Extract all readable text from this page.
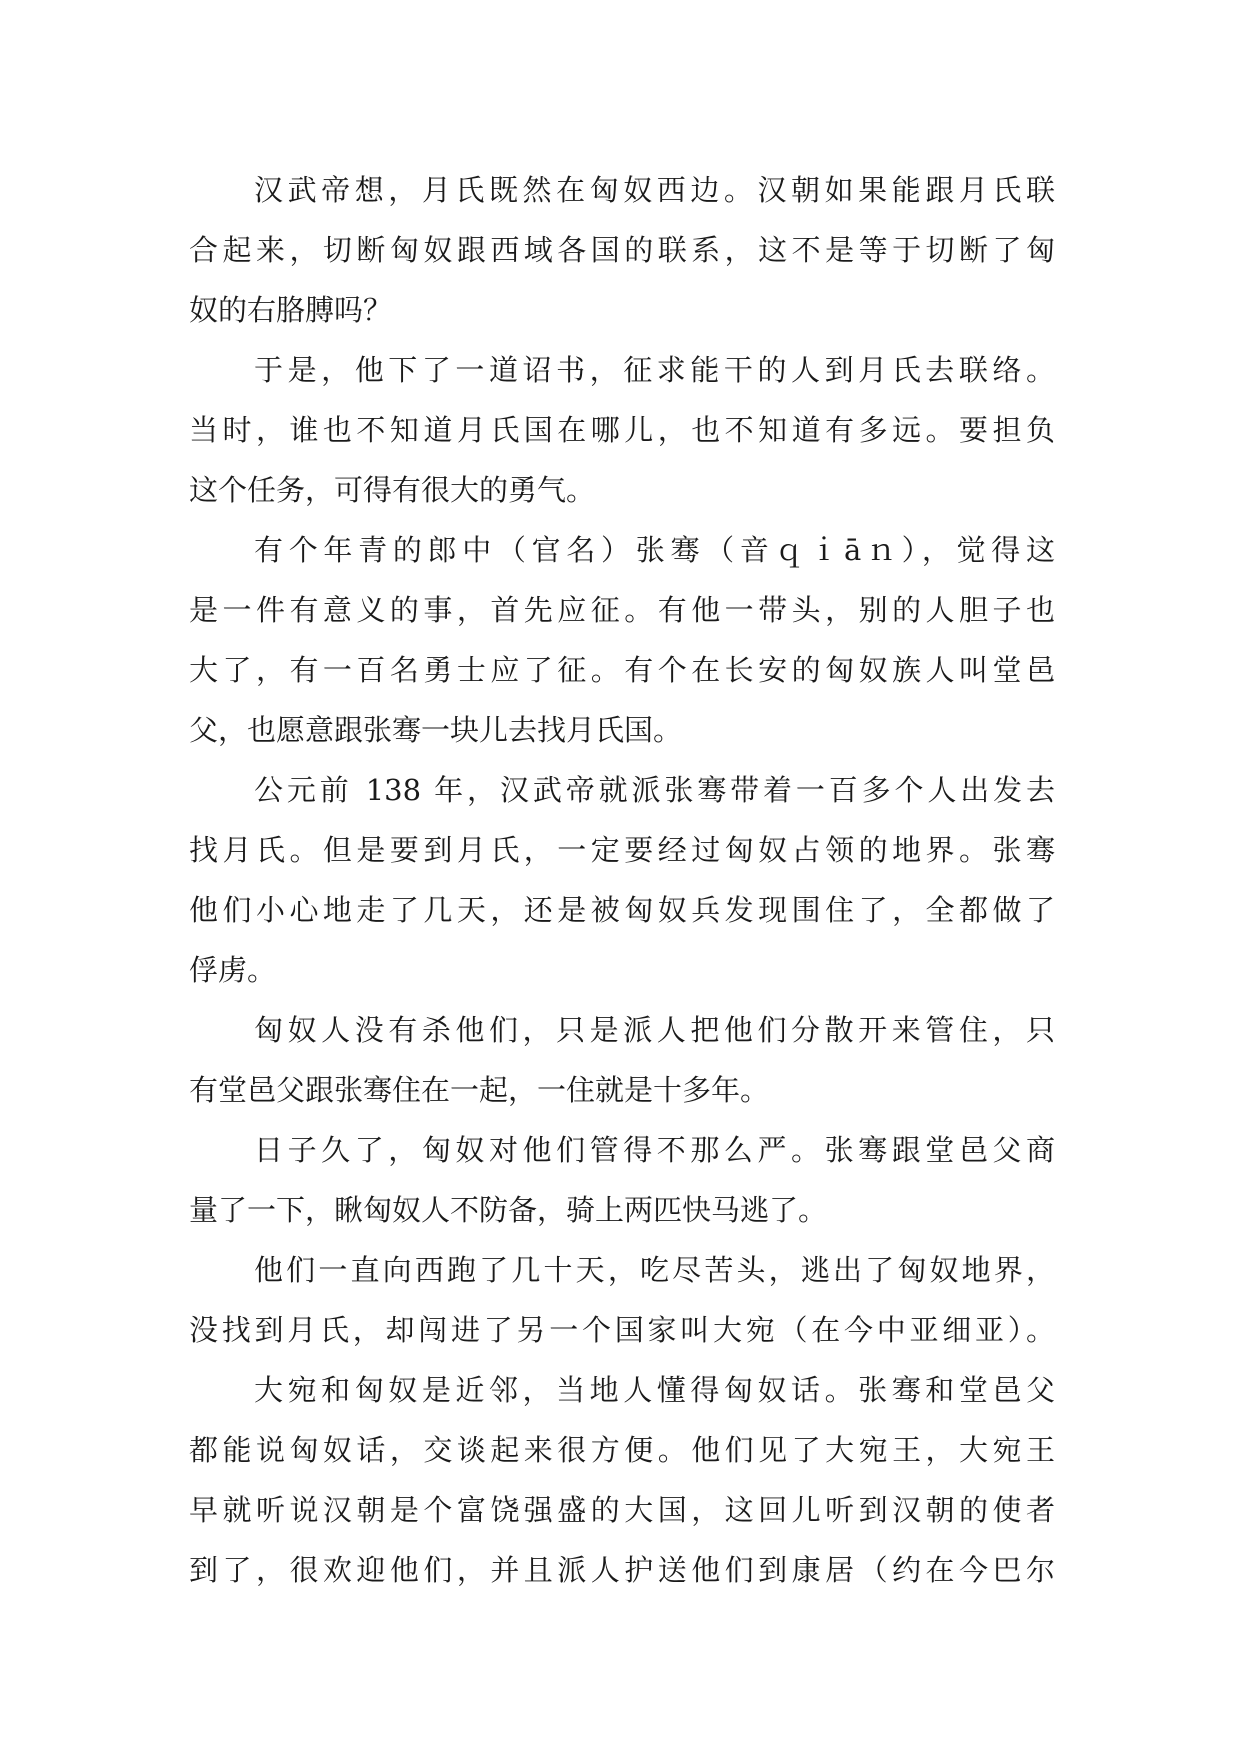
汉武帝想，月氏既然在匈奴西边。汉朝如果能跟月氏联
合起来，切断匈奴跟西域各国的联系，这不是等于切断了匈
奴的右胳膊吗？
于是，他下了一道诏书，征求能干的人到月氏去联络。
当时，谁也不知道月氏国在哪儿，也不知道有多远。要担负
这个任务，可得有很大的勇气。
有个年青的郎中（官名）张骞（音ｑｉāｎ），觉得这
是一件有意义的事，首先应征。有他一带头，别的人胆子也
大了，有一百名勇士应了征。有个在长安的匈奴族人叫堂邑
父，也愿意跟张骞一块儿去找月氏国。
公元前 138 年，汉武帝就派张骞带着一百多个人出发去
找月氏。但是要到月氏，一定要经过匈奴占领的地界。张骞
他们小心地走了几天，还是被匈奴兵发现围住了，全都做了
俘虏。
匈奴人没有杀他们，只是派人把他们分散开来管住，只
有堂邑父跟张骞住在一起，一住就是十多年。
日子久了，匈奴对他们管得不那么严。张骞跟堂邑父商
量了一下，瞅匈奴人不防备，骑上两匹快马逃了。
他们一直向西跑了几十天，吃尽苦头，逃出了匈奴地界，
没找到月氏，却闯进了另一个国家叫大宛（在今中亚细亚）。
大宛和匈奴是近邻，当地人懂得匈奴话。张骞和堂邑父
都能说匈奴话，交谈起来很方便。他们见了大宛王，大宛王
早就听说汉朝是个富饶强盛的大国，这回儿听到汉朝的使者
到了，很欢迎他们，并且派人护送他们到康居（约在今巴尔
